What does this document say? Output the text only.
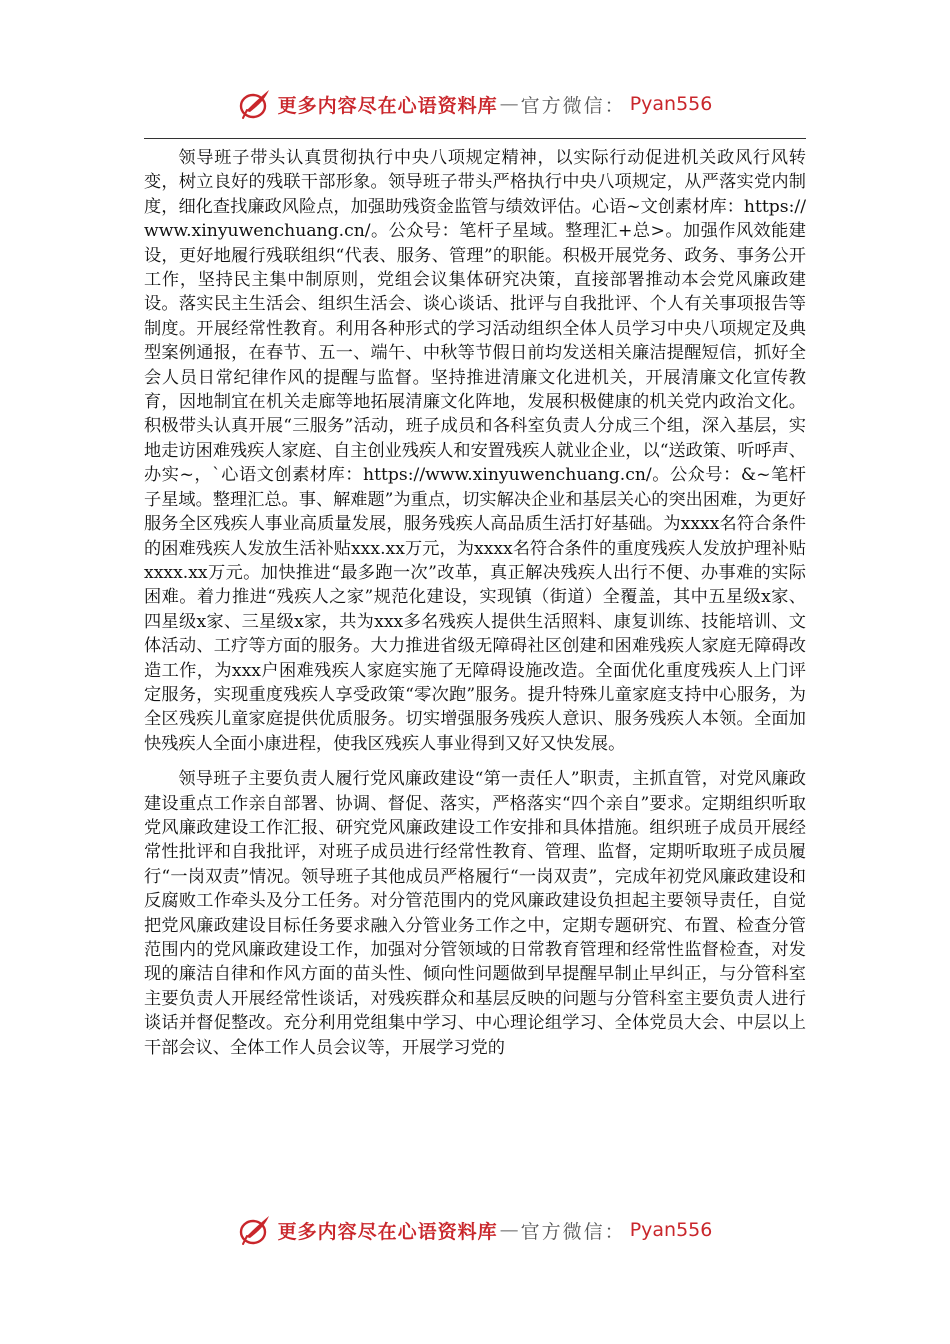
更多内容尽在心语资料库 — 官方微信： Pyan556

领导班子带头认真贯彻执行中央八项规定精神，以实际行动促进机关政风行风转变，树立良好的残联干部形象。领导班子带头严格执行中央八项规定，从严落实党内制度，细化查找廉政风险点，加强助残资金监管与绩效评估。心语~文创素材库：https://www.xinyuwenchuang.cn/。公众号：笔杆子星域。整理汇+总>。加强作风效能建设，更好地履行残联组织“代表、服务、管理”的职能。积极开展党务、政务、事务公开工作，坚持民主集中制原则，党组会议集体研究决策，直接部署推动本会党风廉政建设。落实民主生活会、组织生活会、谈心谈话、批评与自我批评、个人有关事项报告等制度。开展经常性教育。利用各种形式的学习活动组织全体人员学习中央八项规定及典型案例通报，在春节、五一、端午、中秋等节假日前均发送相关廉洁提醒短信，抓好全会人员日常纪律作风的提醒与监督。坚持推进清廉文化进机关，开展清廉文化宣传教育，因地制宜在机关走廊等地拓展清廉文化阵地，发展积极健康的机关党内政治文化。积极带头认真开展“三服务”活动，班子成员和各科室负责人分成三个组，深入基层，实地走访困难残疾人家庭、自主创业残疾人和安置残疾人就业企业，以“送政策、听呼声、办实~，`心语文创素材库：https://www.xinyuwenchuang.cn/。公众号：&~笔杆子星域。整理汇总。事、解难题”为重点，切实解决企业和基层关心的突出困难，为更好服务全区残疾人事业高质量发展，服务残疾人高品质生活打好基础。为xxxx名符合条件的困难残疾人发放生活补贴xxx.xx万元，为xxxx名符合条件的重度残疾人发放护理补贴xxxx.xx万元。加快推进“最多跑一次”改革，真正解决残疾人出行不便、办事难的实际困难。着力推进“残疾人之家”规范化建设，实现镇（街道）全覆盖，其中五星级x家、四星级x家、三星级x家，共为xxx多名残疾人提供生活照料、康复训练、技能培训、文体活动、工疗等方面的服务。大力推进省级无障碍社区创建和困难残疾人家庭无障碍改造工作，为xxx户困难残疾人家庭实施了无障碍设施改造。全面优化重度残疾人上门评定服务，实现重度残疾人享受政策“零次跑”服务。提升特殊儿童家庭支持中心服务，为全区残疾儿童家庭提供优质服务。切实增强服务残疾人意识、服务残疾人本领。全面加快残疾人全面小康进程，使我区残疾人事业得到又好又快发展。

领导班子主要负责人履行党风廉政建设“第一责任人”职责，主抓直管，对党风廉政建设重点工作亲自部署、协调、督促、落实，严格落实“四个亲自”要求。定期组织听取党风廉政建设工作汇报、研究党风廉政建设工作安排和具体措施。组织班子成员开展经常性批评和自我批评，对班子成员进行经常性教育、管理、监督，定期听取班子成员履行“一岗双责”情况。领导班子其他成员严格履行“一岗双责”，完成年初党风廉政建设和反腐败工作牵头及分工任务。对分管范围内的党风廉政建设负担起主要领导责任，自觉把党风廉政建设目标任务要求融入分管业务工作之中，定期专题研究、布置、检查分管范围内的党风廉政建设工作，加强对分管领域的日常教育管理和经常性监督检查，对发现的廉洁自律和作风方面的苗头性、倾向性问题做到早提醒早制止早纠正，与分管科室主要负责人开展经常性谈话，对残疾群众和基层反映的问题与分管科室主要负责人进行谈话并督促整改。充分利用党组集中学习、中心理论组学习、全体党员大会、中层以上干部会议、全体工作人员会议等，开展学习党的

更多内容尽在心语资料库 — 官方微信： Pyan556
